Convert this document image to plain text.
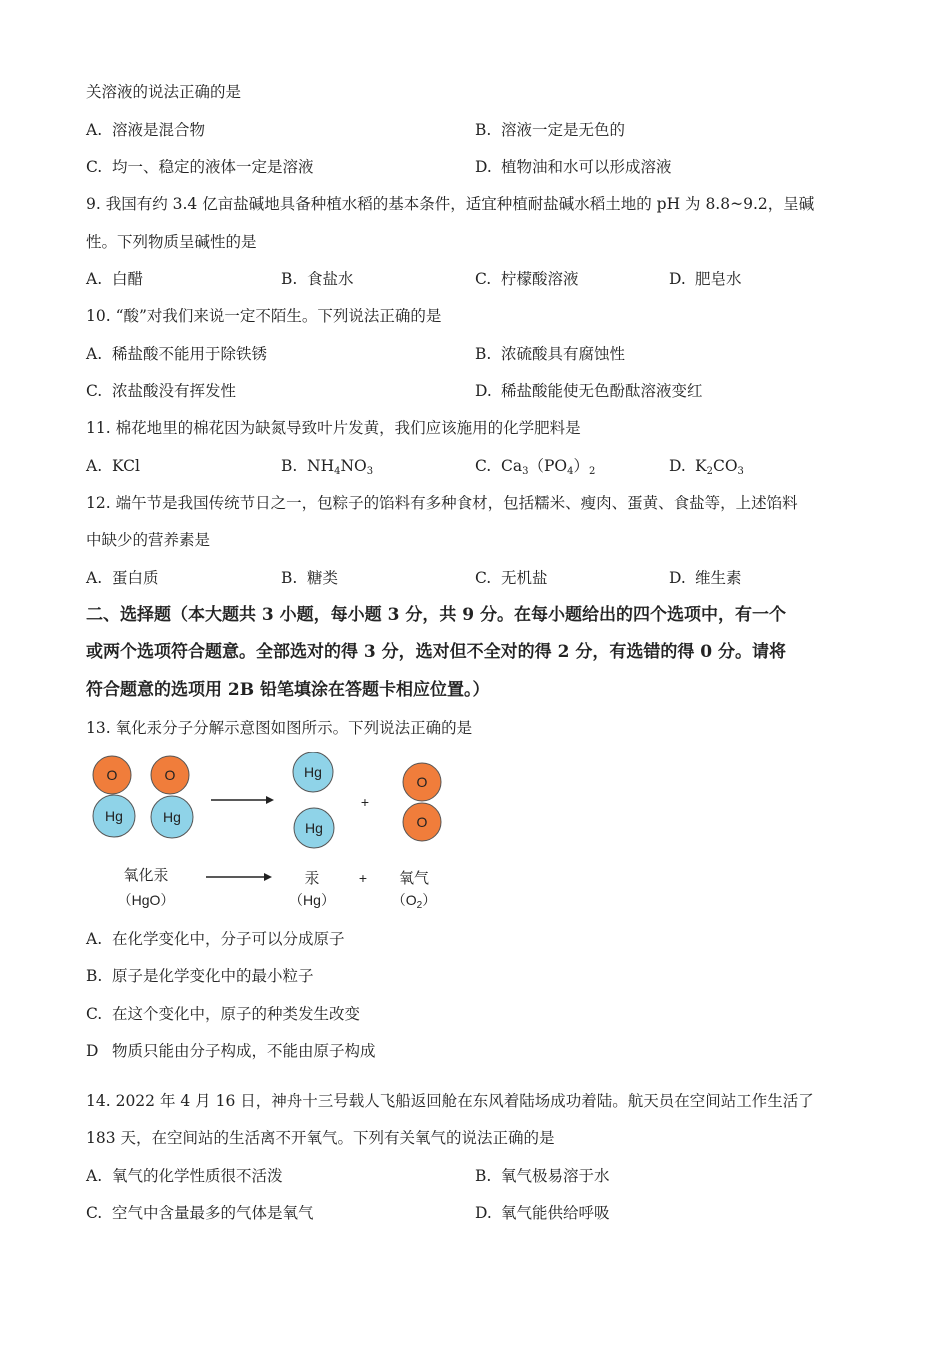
关溶液的说法正确的是
A. 溶液是混合物	B. 溶液一定是无色的
C. 均一、稳定的液体一定是溶液	D. 植物油和水可以形成溶液
9. 我国有约 3.4 亿亩盐碱地具备种植水稻的基本条件，适宜种植耐盐碱水稻土地的 pH 为 8.8~9.2，呈碱
性。下列物质呈碱性的是
A. 白醋	B. 食盐水	C. 柠檬酸溶液	D. 肥皂水
10. “酸”对我们来说一定不陌生。下列说法正确的是
A. 稀盐酸不能用于除铁锈	B. 浓硫酸具有腐蚀性
C. 浓盐酸没有挥发性	D. 稀盐酸能使无色酚酞溶液变红
11. 棉花地里的棉花因为缺氮导致叶片发黄，我们应该施用的化学肥料是
A. KCl	B. $NH_4NO_3$	C. $Ca_3(PO_4)_2$	D. $K_2CO_3$
12. 端午节是我国传统节日之一，包粽子的馅料有多种食材，包括糯米、瘦肉、蛋黄、食盐等，上述馅料
中缺少的营养素是
A. 蛋白质	B. 糖类	C. 无机盐	D. 维生素
二、选择题（本大题共 3 小题，每小题 3 分，共 9 分。在每小题给出的四个选项中，有一个
或两个选项符合题意。全部选对的得 3 分，选对但不全对的得 2 分，有选错的得 0 分。请将
符合题意的选项用 2B 铅笔填涂在答题卡相应位置。）
13. 氧化汞分子分解示意图如图所示。下列说法正确的是
O
Hg
O
Hg
Hg
Hg
+
O
O
氧化汞
（HgO）
汞
（Hg）
+ 氧气
$(O_2)$
A. 在化学变化中，分子可以分成原子
B. 原子是化学变化中的最小粒子
C. 在这个变化中，原子的种类发生改变
D 物质只能由分子构成，不能由原子构成
14. 2022 年 4 月 16 日，神舟十三号载人飞船返回舱在东风着陆场成功着陆。航天员在空间站工作生活了
183 天，在空间站的生活离不开氧气。下列有关氧气的说法正确的是
A. 氧气的化学性质很不活泼	B. 氧气极易溶于水
C. 空气中含量最多的气体是氧气	D. 氧气能供给呼吸
